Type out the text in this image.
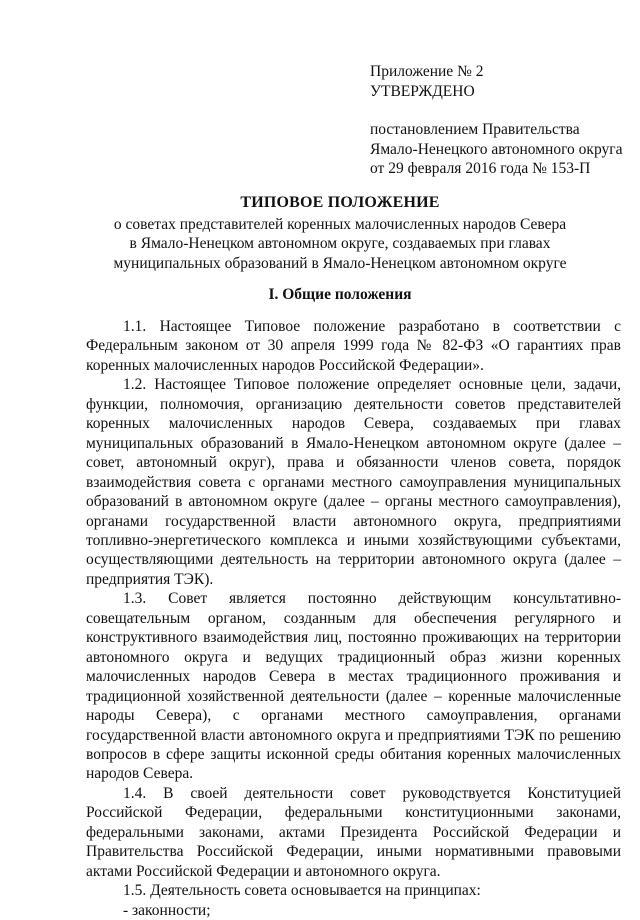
Приложение № 2
УТВЕРЖДЕНО
постановлением Правительства
Ямало-Ненецкого автономного округа
от 29 февраля 2016 года № 153-П
ТИПОВОЕ ПОЛОЖЕНИЕ
о советах представителей коренных малочисленных народов Севера
в Ямало-Ненецком автономном округе, создаваемых при главах
муниципальных образований в Ямало-Ненецком автономном округе
I. Общие положения

1.1. Настоящее Типовое положение разработано в соответствии с Федеральным законом от 30 апреля 1999 года № 82-ФЗ «О гарантиях прав коренных малочисленных народов Российской Федерации».

1.2. Настоящее Типовое положение определяет основные цели, задачи, функции, полномочия, организацию деятельности советов представителей коренных малочисленных народов Севера, создаваемых при главах муниципальных образований в Ямало-Ненецком автономном округе (далее – совет, автономный округ), права и обязанности членов совета, порядок взаимодействия совета с органами местного самоуправления муниципальных образований в автономном округе (далее – органы местного самоуправления), органами государственной власти автономного округа, предприятиями топливно-энергетического комплекса и иными хозяйствующими субъектами, осуществляющими деятельность на территории автономного округа (далее – предприятия ТЭК).

1.3. Совет является постоянно действующим консультативно-совещательным органом, созданным для обеспечения регулярного и конструктивного взаимодействия лиц, постоянно проживающих на территории автономного округа и ведущих традиционный образ жизни коренных малочисленных народов Севера в местах традиционного проживания и традиционной хозяйственной деятельности (далее – коренные малочисленные народы Севера), с органами местного самоуправления, органами государственной власти автономного округа и предприятиями ТЭК по решению вопросов в сфере защиты исконной среды обитания коренных малочисленных народов Севера.

1.4. В своей деятельности совет руководствуется Конституцией Российской Федерации, федеральными конституционными законами, федеральными законами, актами Президента Российской Федерации и Правительства Российской Федерации, иными нормативными правовыми актами Российской Федерации и автономного округа.

1.5. Деятельность совета основывается на принципах:

- законности;
